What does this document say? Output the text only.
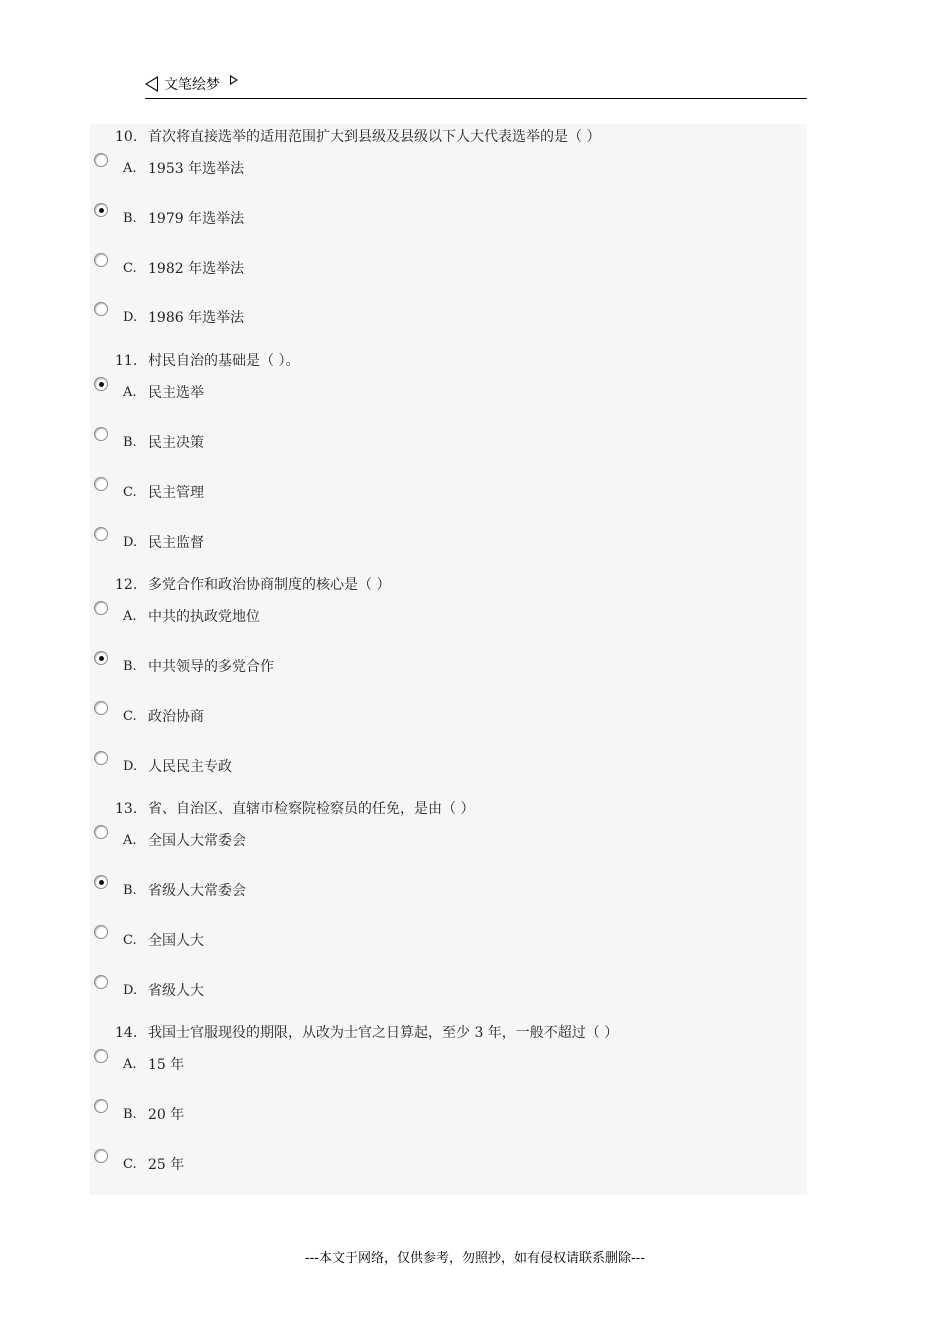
文笔绘梦
10. 首次将直接选举的适用范围扩大到县级及县级以下人大代表选举的是（ ）
A. 1953 年选举法
B. 1979 年选举法
C. 1982 年选举法
D. 1986 年选举法
11. 村民自治的基础是（ ）。
A. 民主选举
B. 民主决策
C. 民主管理
D. 民主监督
12. 多党合作和政治协商制度的核心是（ ）
A. 中共的执政党地位
B. 中共领导的多党合作
C. 政治协商
D. 人民民主专政
13. 省、自治区、直辖市检察院检察员的任免，是由（ ）
A. 全国人大常委会
B. 省级人大常委会
C. 全国人大
D. 省级人大
14. 我国士官服现役的期限，从改为士官之日算起，至少 3 年，一般不超过（ ）
A. 15 年
B. 20 年
C. 25 年
---本文于网络，仅供参考，勿照抄，如有侵权请联系删除---
